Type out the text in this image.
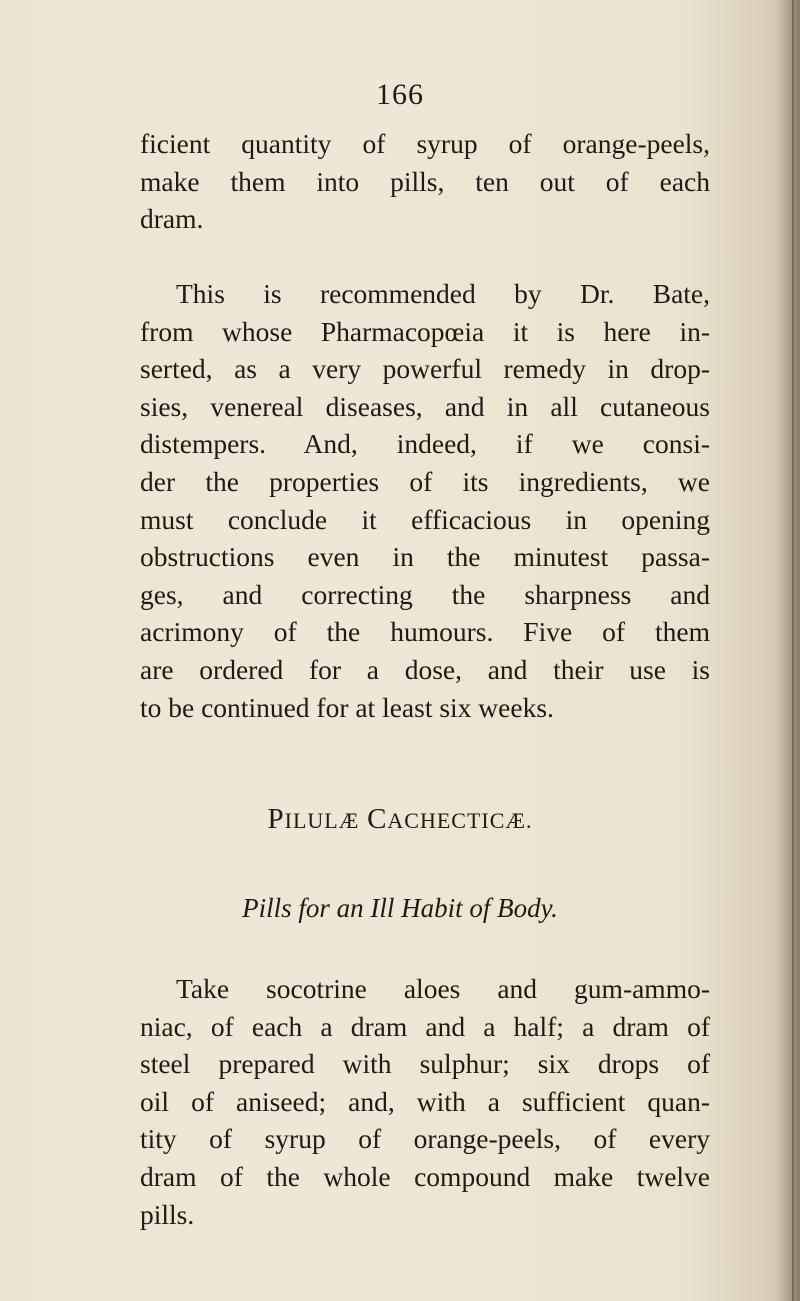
166
ficient quantity of syrup of orange-peels,
make them into pills, ten out of each
dram.
This is recommended by Dr. Bate,
from whose Pharmacopœia it is here in-
serted, as a very powerful remedy in drop-
sies, venereal diseases, and in all cutaneous
distempers. And, indeed, if we consi-
der the properties of its ingredients, we
must conclude it efficacious in opening
obstructions even in the minutest passa-
ges, and correcting the sharpness and
acrimony of the humours. Five of them
are ordered for a dose, and their use is
to be continued for at least six weeks.
PILULÆ CACHECTICÆ.
Pills for an Ill Habit of Body.
Take socotrine aloes and gum-ammo-
niac, of each a dram and a half; a dram of
steel prepared with sulphur; six drops of
oil of aniseed; and, with a sufficient quan-
tity of syrup of orange-peels, of every
dram of the whole compound make twelve
pills.
